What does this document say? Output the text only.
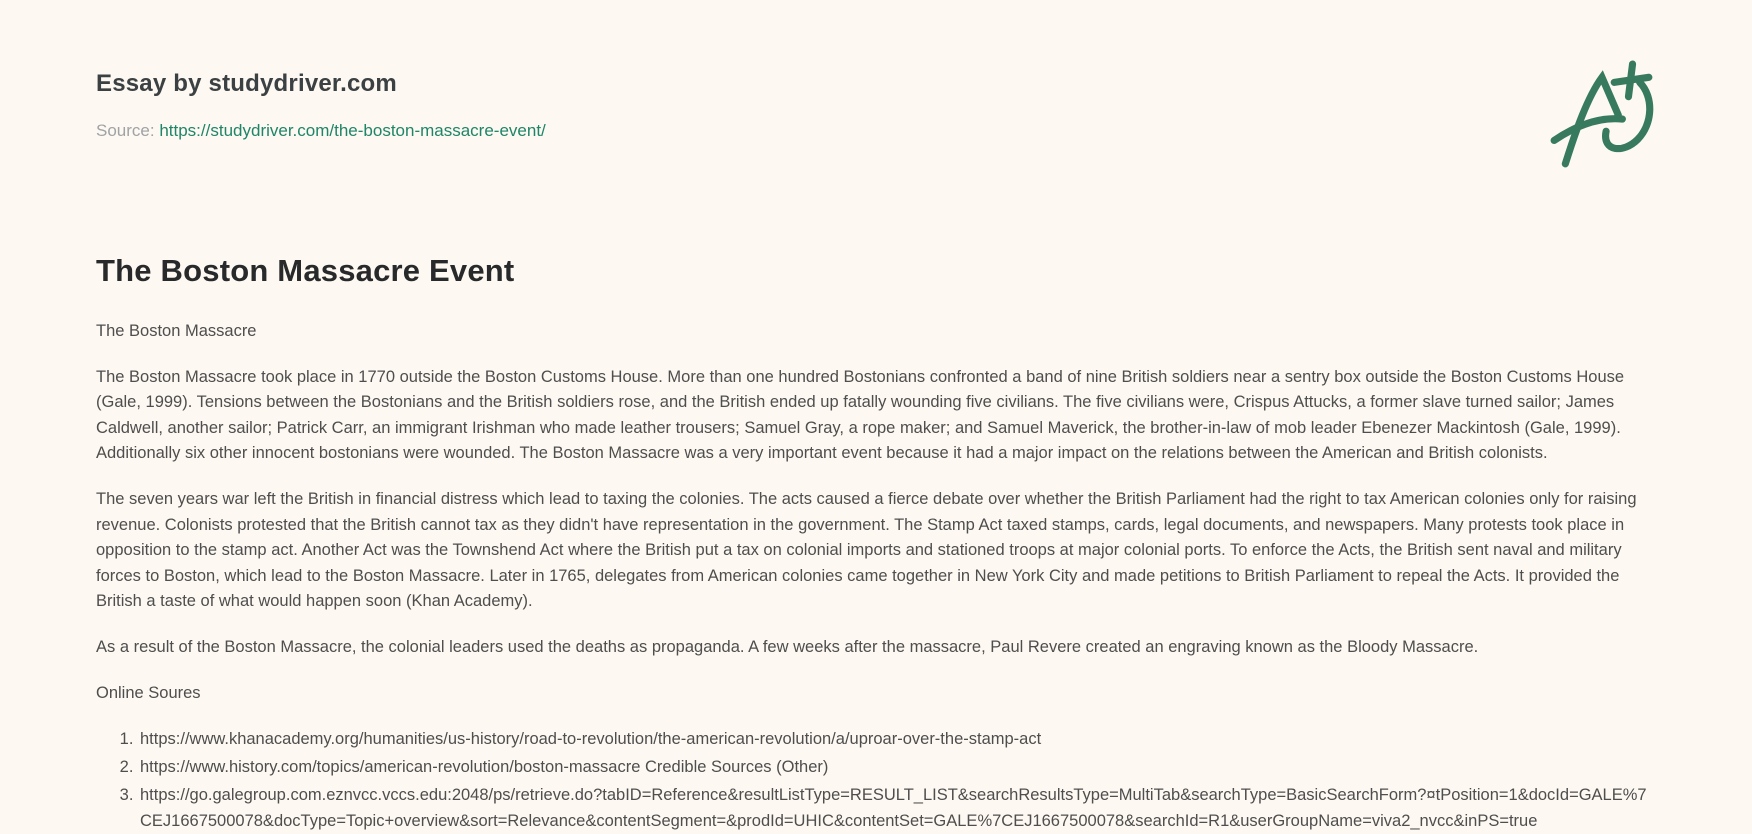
Essay by studydriver.com

Source: https://studydriver.com/the-boston-massacre-event/

The Boston Massacre Event

The Boston Massacre

The Boston Massacre took place in 1770 outside the Boston Customs House. More than one hundred Bostonians confronted a band of nine British soldiers near a sentry box outside the Boston Customs House (Gale, 1999). Tensions between the Bostonians and the British soldiers rose, and the British ended up fatally wounding five civilians. The five civilians were, Crispus Attucks, a former slave turned sailor; James Caldwell, another sailor; Patrick Carr, an immigrant Irishman who made leather trousers; Samuel Gray, a rope maker; and Samuel Maverick, the brother-in-law of mob leader Ebenezer Mackintosh (Gale, 1999). Additionally six other innocent bostonians were wounded. The Boston Massacre was a very important event because it had a major impact on the relations between the American and British colonists.

The seven years war left the British in financial distress which lead to taxing the colonies. The acts caused a fierce debate over whether the British Parliament had the right to tax American colonies only for raising revenue. Colonists protested that the British cannot tax as they didn't have representation in the government. The Stamp Act taxed stamps, cards, legal documents, and newspapers. Many protests took place in opposition to the stamp act. Another Act was the Townshend Act where the British put a tax on colonial imports and stationed troops at major colonial ports. To enforce the Acts, the British sent naval and military forces to Boston, which lead to the Boston Massacre. Later in 1765, delegates from American colonies came together in New York City and made petitions to British Parliament to repeal the Acts. It provided the British a taste of what would happen soon (Khan Academy).

As a result of the Boston Massacre, the colonial leaders used the deaths as propaganda. A few weeks after the massacre, Paul Revere created an engraving known as the Bloody Massacre.

Online Soures

1. https://www.khanacademy.org/humanities/us-history/road-to-revolution/the-american-revolution/a/uproar-over-the-stamp-act
2. https://www.history.com/topics/american-revolution/boston-massacre Credible Sources (Other)
3. https://go.galegroup.com.eznvcc.vccs.edu:2048/ps/retrieve.do?tabID=Reference&resultListType=RESULT_LIST&searchResultsType=MultiTab&searchType=BasicSearchForm?¤tPosition=1&docId=GALE%7CEJ1667500078&docType=Topic+overview&sort=Relevance&contentSegment=&prodId=UHIC&contentSet=GALE%7CEJ1667500078&searchId=R1&userGroupName=viva2_nvcc&inPS=true
